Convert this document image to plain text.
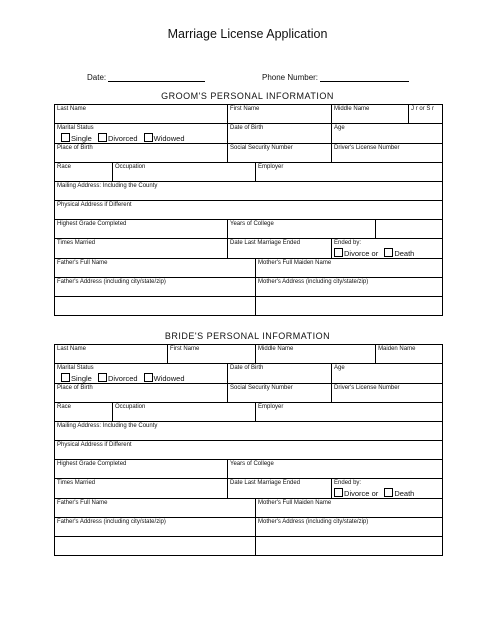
Marriage License Application
Date:	Phone Number:
GROOM'S PERSONAL INFORMATION
Last Name		First Name		Middle Name		J r or S r

Marital Status
Single Divorced Widowed		Date of Birth		Age		

Place of Birth		Social Security Number		Driver's License Number		

Race	Occupation		Employer			

Mailing Address: Including the County						

Physical Address if Different						

Highest Grade Completed		Years of College				

Times Married		Date Last Marriage Ended		Ended by:
Divorce or Death		

Father's Full Name			Mother's Full Maiden Name			

Father's Address (including city/state/zip)			Mother's Address (including city/state/zip)			

BRIDE'S PERSONAL INFORMATION
Last Name		First Name		Middle Name		Maiden Name

Marital Status
Single Divorced Widowed			Date of Birth		Age	

Place of Birth			Social Security Number		Driver's License Number	

Race	Occupation			Employer		

Mailing Address: Including the County						

Physical Address if Different						

Highest Grade Completed			Years of College			

Times Married			Date Last Marriage Ended		Ended by:
Divorce or Death	

Father's Full Name				Mother's Full Maiden Name		

Father's Address (including city/state/zip)				Mother's Address (including city/state/zip)		
